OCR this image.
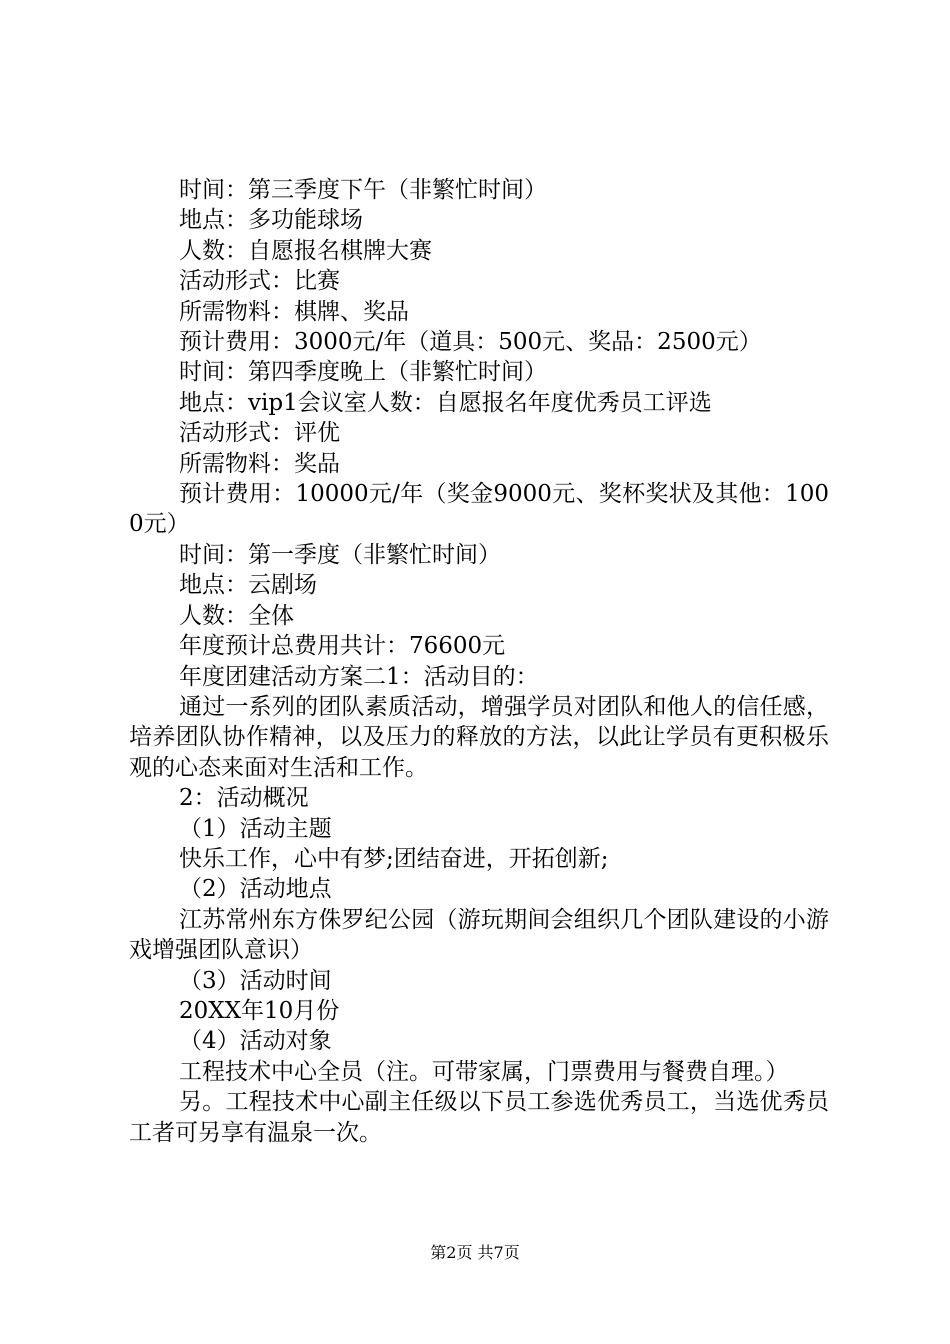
时间：第三季度下午（非繁忙时间）

地点：多功能球场

人数：自愿报名棋牌大赛

活动形式：比赛

所需物料：棋牌、奖品

预计费用：3000元/年（道具：500元、奖品：2500元）

时间：第四季度晚上（非繁忙时间）

地点：vip1会议室人数：自愿报名年度优秀员工评选

活动形式：评优

所需物料：奖品

预计费用：10000元/年（奖金9000元、奖杯奖状及其他：1000元）

时间：第一季度（非繁忙时间）

地点：云剧场

人数：全体

年度预计总费用共计：76600元

年度团建活动方案二1：活动目的：

通过一系列的团队素质活动，增强学员对团队和他人的信任感，培养团队协作精神，以及压力的释放的方法，以此让学员有更积极乐观的心态来面对生活和工作。

2：活动概况

（1）活动主题

快乐工作，心中有梦;团结奋进，开拓创新;

（2）活动地点

江苏常州东方侏罗纪公园（游玩期间会组织几个团队建设的小游戏增强团队意识）

（3）活动时间

20XX年10月份

（4）活动对象

工程技术中心全员（注。可带家属，门票费用与餐费自理。）

另。工程技术中心副主任级以下员工参选优秀员工，当选优秀员工者可另享有温泉一次。

第2页 共7页
